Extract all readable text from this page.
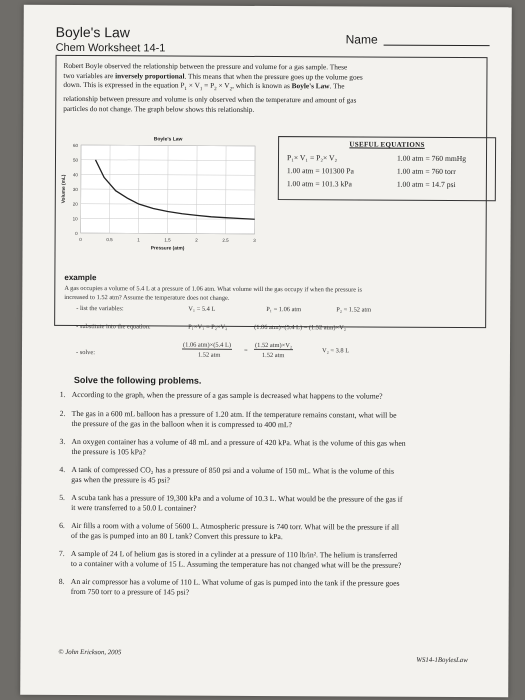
Boyle's Law
Chem Worksheet 14-1
Name
Robert Boyle observed the relationship between the pressure and volume for a gas sample. These
two variables are inversely proportional. This means that when the pressure goes up the volume goes
down. This is expressed in the equation $P_1 \times V_1 = P_2 \times V_2$, which is known as Boyle's Law. The
relationship between pressure and volume is only observed when the temperature and amount of gas
particles do not change. The graph below shows this relationship.
0
10
20
30
40
50
60
0	0.5	1	1.5	2	2.5	3
Boyle's Law
Pressure (atm)
Volume (mL)
USEFUL EQUATIONS
P₁× V₁ = P₂× V₂	1.00 atm = 760 mmHg
1.00 atm = 101300 Pa	1.00 atm = 760 torr
1.00 atm = 101.3 kPa	1.00 atm = 14.7 psi
example
A gas occupies a volume of 5.4 L at a pressure of 1.06 atm. What volume will the gas occupy if when the pressure is
increased to 1.52 atm? Assume the temperature does not change.
- list the variables:	V₁ = 5.4 L	P₁ = 1.06 atm	P₂ = 1.52 atm
- substitute into the equation:	P₁×V₁ = P₂×V₂	(1.06 atm)×(5.4 L) = (1.52 atm)×V₂
- solve:
(1.06 atm)×(5.4 L)
1.52 atm
=
(1.52 atm)×V₂
1.52 atm
V₂ = 3.8 L
Solve the following problems.
1. According to the graph, when the pressure of a gas sample is decreased what happens to the volume?
2. The gas in a 600 mL balloon has a pressure of 1.20 atm. If the temperature remains constant, what will be
the pressure of the gas in the balloon when it is compressed to 400 mL?
3. An oxygen container has a volume of 48 mL and a pressure of 420 kPa. What is the volume of this gas when
the pressure is 105 kPa?
4. A tank of compressed CO₂ has a pressure of 850 psi and a volume of 150 mL. What is the volume of this
gas when the pressure is 45 psi?
5. A scuba tank has a pressure of 19,300 kPa and a volume of 10.3 L. What would be the pressure of the gas if
it were transferred to a 50.0 L container?
6. Air fills a room with a volume of 5600 L. Atmospheric pressure is 740 torr. What will be the pressure if all
of the gas is pumped into an 80 L tank? Convert this pressure to kPa.
7. A sample of 24 L of helium gas is stored in a cylinder at a pressure of 110 lb/in². The helium is transferred
to a container with a volume of 15 L. Assuming the temperature has not changed what will be the pressure?
8. An air compressor has a volume of 110 L. What volume of gas is pumped into the tank if the pressure goes
from 750 torr to a pressure of 145 psi?
© John Erickson, 2005
WS14-1BoylesLaw
